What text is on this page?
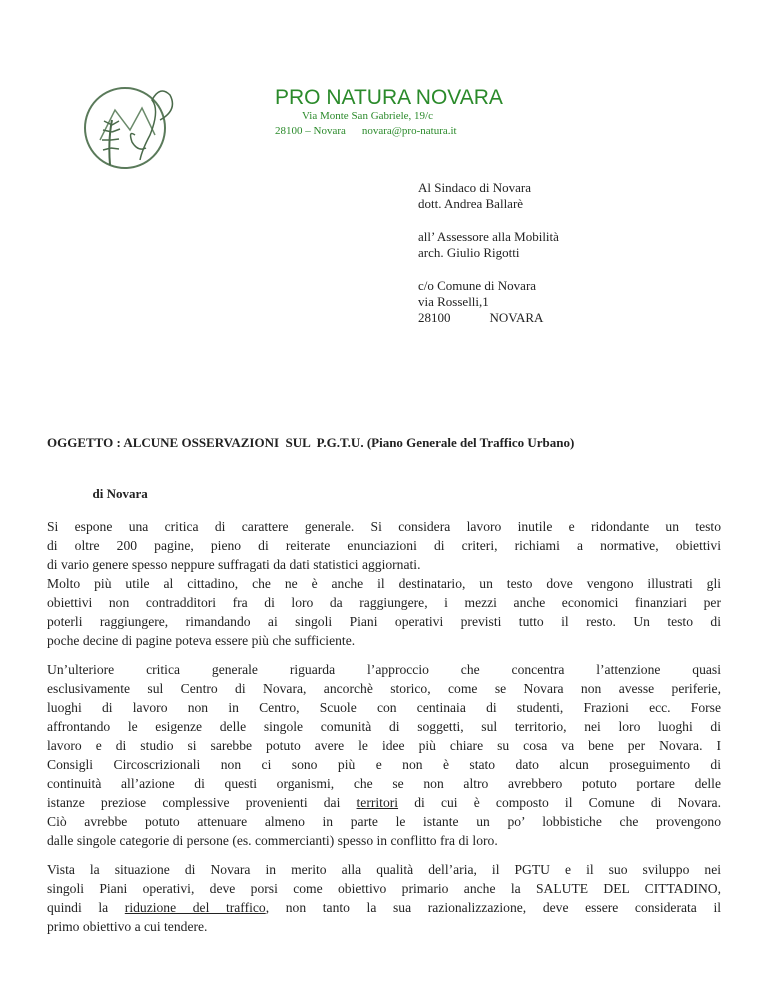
PRO NATURA NOVARA
Via Monte San Gabriele, 19/c
28100 – Novara novara@pro-natura.it
Al Sindaco di Novara
dott. Andrea Ballarè
all’ Assessore alla Mobilità
arch. Giulio Rigotti
c/o Comune di Novara
via Rosselli,1
28100            NOVARA

OGGETTO : ALCUNE OSSERVAZIONI  SUL  P.G.T.U. (Piano Generale del Traffico Urbano)

di Novara

Si espone una critica di carattere generale. Si considera lavoro inutile e ridondante un testo
di oltre 200 pagine, pieno di reiterate enunciazioni di criteri, richiami a normative, obiettivi
di vario genere spesso neppure suffragati da dati statistici aggiornati.
Molto più utile al cittadino, che ne è anche il destinatario, un testo dove vengono illustrati gli
obiettivi non contradditori fra di loro da raggiungere, i mezzi anche economici finanziari per
poterli raggiungere, rimandando ai singoli Piani operativi previsti tutto il resto. Un testo di
poche decine di pagine poteva essere più che sufficiente.
Un’ulteriore critica generale riguarda l’approccio che concentra l’attenzione quasi
esclusivamente sul Centro di Novara, ancorchè storico, come se Novara non avesse periferie,
luoghi di lavoro non in Centro, Scuole con centinaia di studenti, Frazioni ecc. Forse
affrontando le esigenze delle singole comunità di soggetti, sul territorio, nei loro luoghi di
lavoro e di studio si sarebbe potuto avere le idee più chiare su cosa va bene per Novara. I
Consigli Circoscrizionali non ci sono più e non è stato dato alcun proseguimento di
continuità all’azione di questi organismi, che se non altro avrebbero potuto portare delle
istanze preziose complessive provenienti dai territori di cui è composto il Comune di Novara.
Ciò avrebbe potuto attenuare almeno in parte le istante un po’ lobbistiche che provengono
dalle singole categorie di persone (es. commercianti) spesso in conflitto fra di loro.
Vista la situazione di Novara in merito alla qualità dell’aria, il PGTU e il suo sviluppo nei
singoli Piani operativi, deve porsi come obiettivo primario anche la SALUTE DEL CITTADINO,
quindi la riduzione del traffico, non tanto la sua razionalizzazione, deve essere considerata il
primo obiettivo a cui tendere.
